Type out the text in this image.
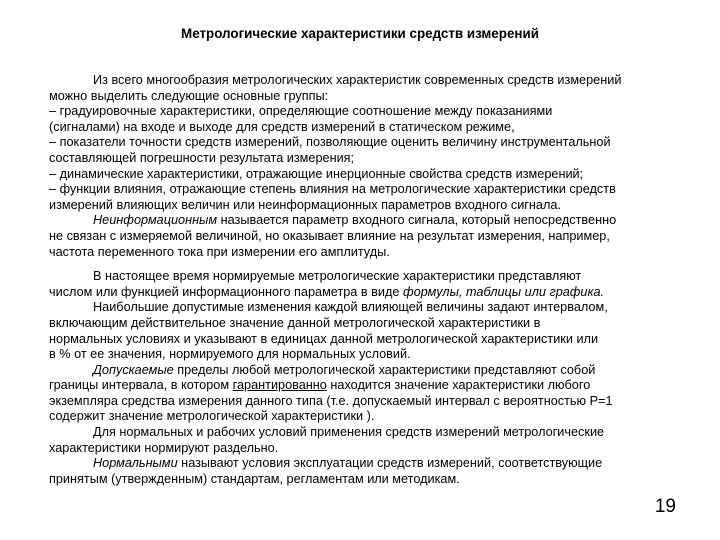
Метрологические характеристики средств измерений

Из всего многообразия метрологических характеристик современных средств измерений

можно выделить следующие основные группы:

– градуировочные характеристики, определяющие соотношение между показаниями

(сигналами) на входе и выходе для средств измерений в статическом режиме,

– показатели точности средств измерений, позволяющие оценить величину инструментальной

составляющей погрешности результата измерения;

– динамические характеристики, отражающие инерционные свойства средств измерений;

– функции влияния, отражающие степень влияния на метрологические характеристики средств

измерений влияющих величин или неинформационных параметров входного сигнала.

Неинформационным называется параметр входного сигнала, который непосредственно

не связан с измеряемой величиной, но оказывает влияние на результат измерения, например,

частота переменного тока при измерении его амплитуды.

В настоящее время нормируемые метрологические характеристики представляют

числом или функцией информационного параметра в виде формулы, таблицы или графика.

Наибольшие допустимые изменения каждой влияющей величины задают интервалом,

включающим действительное значение данной метрологической характеристики в

нормальных условиях и указывают в единицах данной метрологической характеристики или

в % от ее значения, нормируемого для нормальных условий.

Допускаемые пределы любой метрологической характеристики представляют собой

границы интервала, в котором гарантированно находится значение характеристики любого

экземпляра средства измерения данного типа (т.е. допускаемый интервал с вероятностью Р=1

содержит значение метрологической характеристики ).

Для нормальных и рабочих условий применения средств измерений метрологические

характеристики нормируют раздельно.

Нормальными называют условия эксплуатации средств измерений, соответствующие

принятым (утвержденным) стандартам, регламентам или методикам.

19
